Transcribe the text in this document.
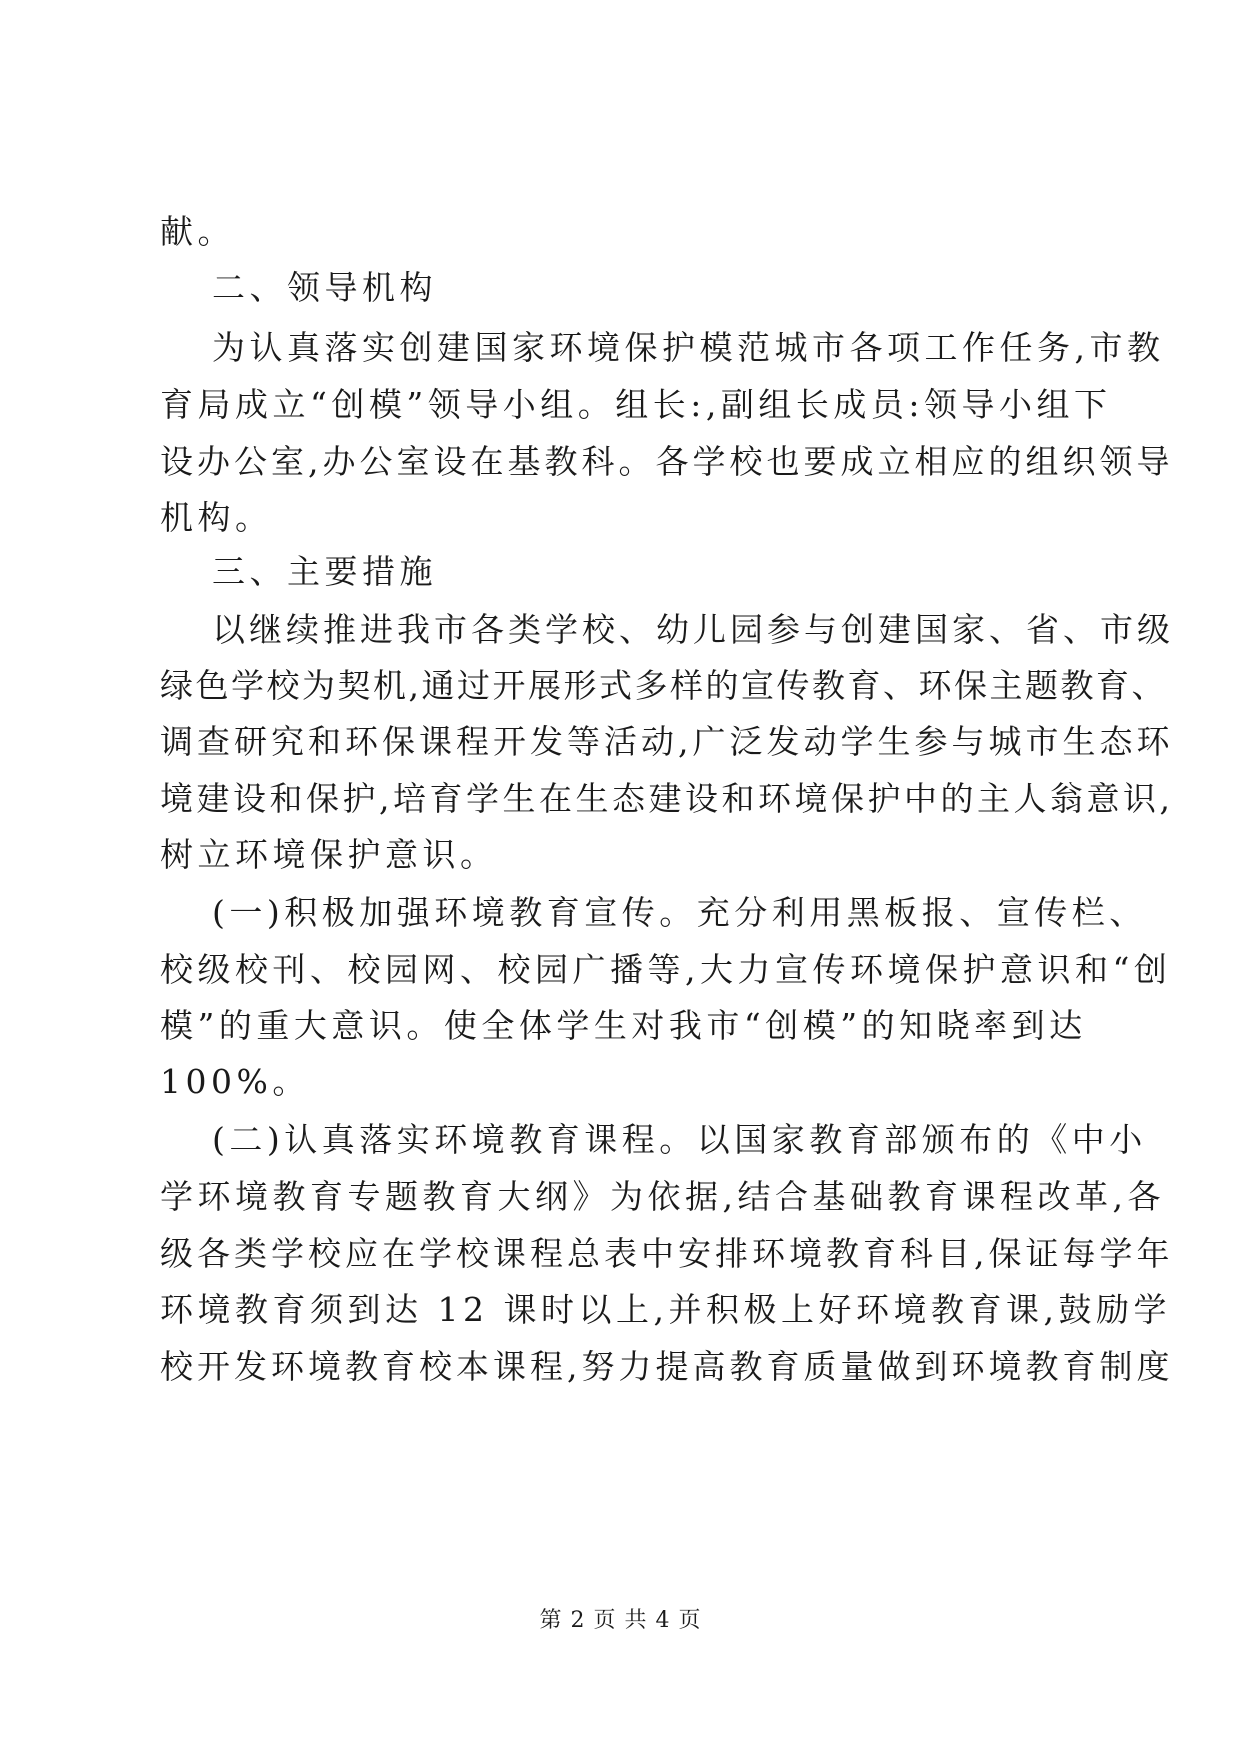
献。
二、领导机构
为认真落实创建国家环境保护模范城市各项工作任务,市教
育局成立“创模”领导小组。组长:,副组长成员:领导小组下
设办公室,办公室设在基教科。各学校也要成立相应的组织领导
机构。
三、主要措施
以继续推进我市各类学校、幼儿园参与创建国家、省、市级
绿色学校为契机,通过开展形式多样的宣传教育、环保主题教育、
调查研究和环保课程开发等活动,广泛发动学生参与城市生态环
境建设和保护,培育学生在生态建设和环境保护中的主人翁意识,
树立环境保护意识。
(一)积极加强环境教育宣传。充分利用黑板报、宣传栏、
校级校刊、校园网、校园广播等,大力宣传环境保护意识和“创
模”的重大意识。使全体学生对我市“创模”的知晓率到达
100%。
(二)认真落实环境教育课程。以国家教育部颁布的《中小
学环境教育专题教育大纲》为依据,结合基础教育课程改革,各
级各类学校应在学校课程总表中安排环境教育科目,保证每学年
环境教育须到达 12 课时以上,并积极上好环境教育课,鼓励学
校开发环境教育校本课程,努力提高教育质量做到环境教育制度
第 2 页 共 4 页
